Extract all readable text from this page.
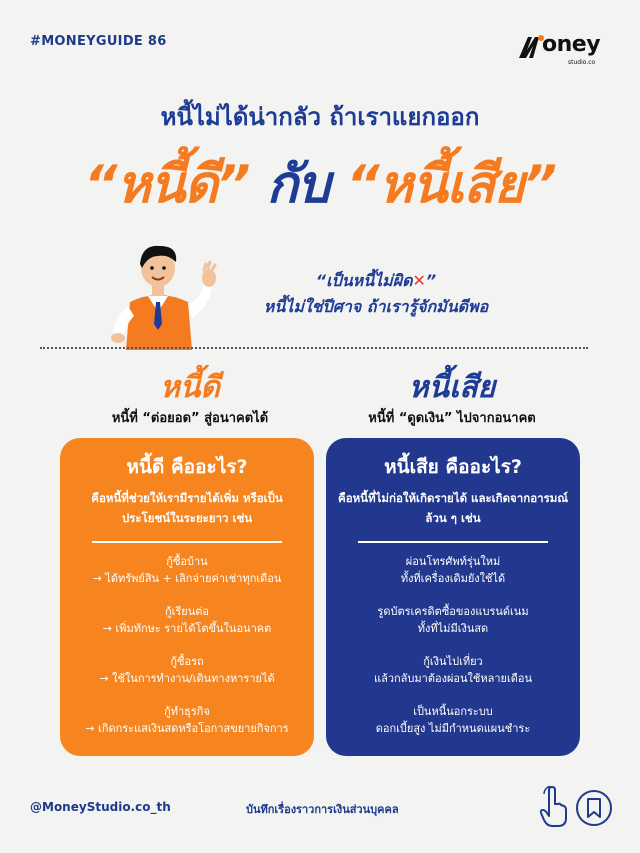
#MONEYGUIDE 86	oney
studio.co
หนี้ไม่ได้น่ากลัว ถ้าเราแยกออก
“หนี้ดี” กับ “หนี้เสีย”
“เป็นหนี้ไม่ผิด✕”
หนี้ไม่ใช่ปีศาจ ถ้าเรารู้จักมันดีพอ
หนี้ดี
หนี้ที่ “ต่อยอด” สู่อนาคตได้
หนี้เสีย
หนี้ที่ “ดูดเงิน” ไปจากอนาคต
หนี้ดี คืออะไร?
คือหนี้ที่ช่วยให้เรามีรายได้เพิ่ม หรือเป็นประโยชน์ในระยะยาว เช่น
กู้ซื้อบ้าน
→ ได้ทรัพย์สิน + เลิกจ่ายค่าเช่าทุกเดือน
กู้เรียนต่อ
→ เพิ่มทักษะ รายได้โตขึ้นในอนาคต
กู้ซื้อรถ
→ ใช้ในการทำงาน/เดินทางหารายได้
กู้ทำธุรกิจ
→ เกิดกระแสเงินสดหรือโอกาสขยายกิจการ
หนี้เสีย คืออะไร?
คือหนี้ที่ไม่ก่อให้เกิดรายได้ และเกิดจากอารมณ์ล้วน ๆ เช่น
ผ่อนโทรศัพท์รุ่นใหม่
ทั้งที่เครื่องเดิมยังใช้ได้
รูดบัตรเครดิตซื้อของแบรนด์เนม
ทั้งที่ไม่มีเงินสด
กู้เงินไปเที่ยว
แล้วกลับมาต้องผ่อนใช้หลายเดือน
เป็นหนี้นอกระบบ
ดอกเบี้ยสูง ไม่มีกำหนดแผนชำระ
@MoneyStudio.co_th	บันทึกเรื่องราวการเงินส่วนบุคคล
